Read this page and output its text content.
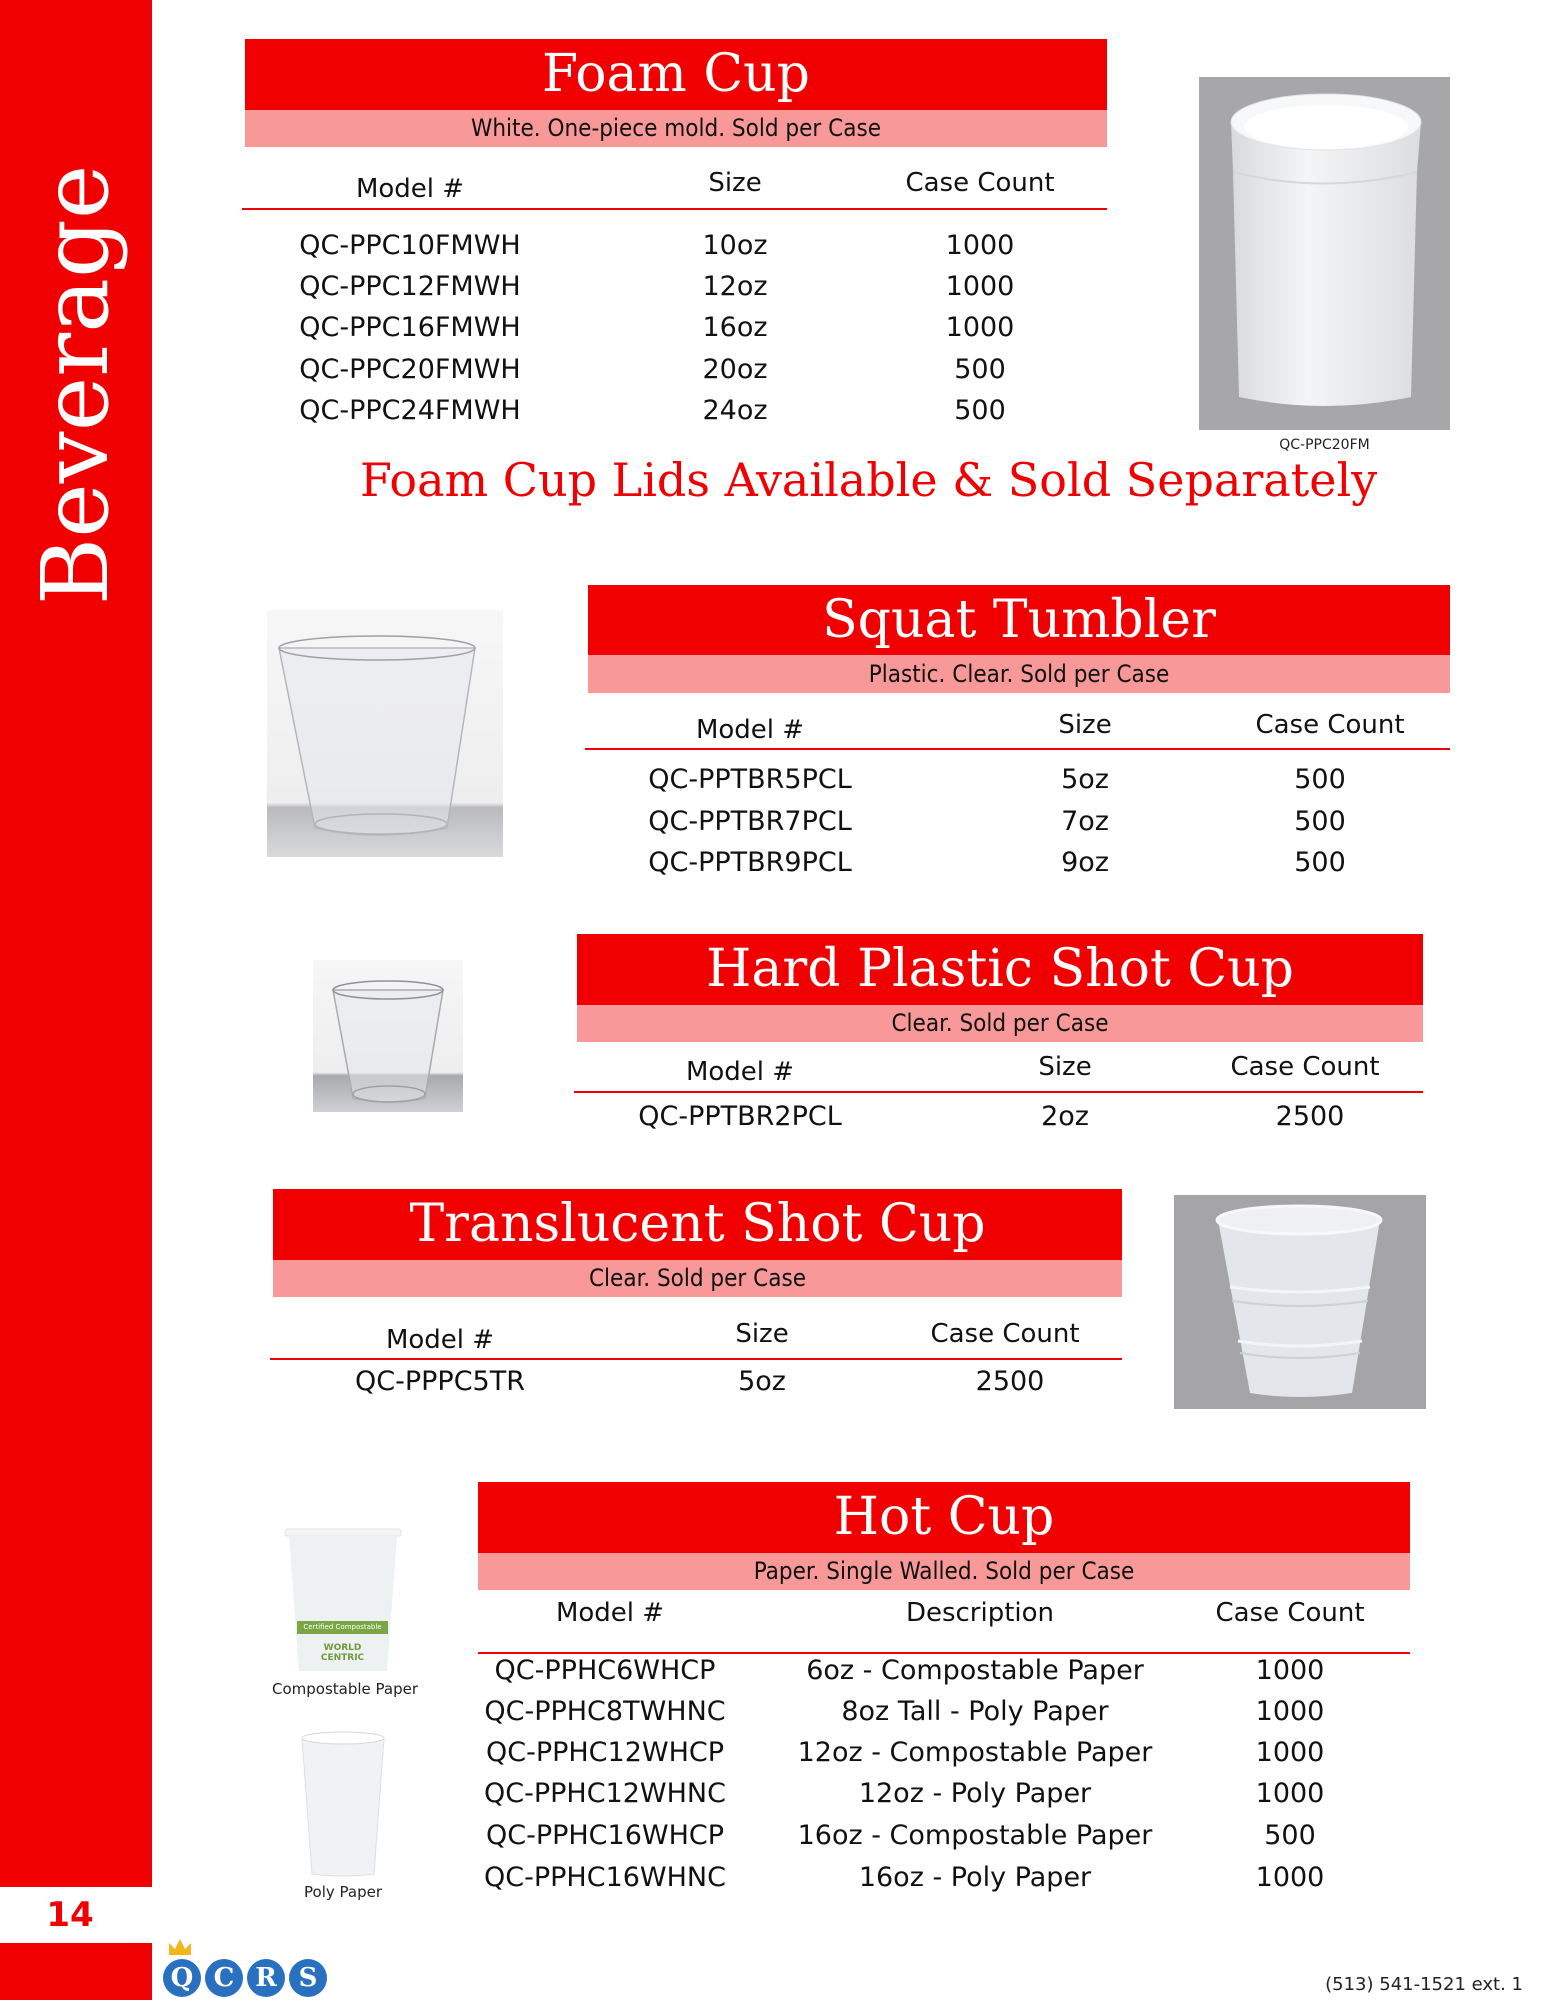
Beverage
14
Foam Cup
White. One-piece mold. Sold per Case
Model #	Size	Case Count
QC-PPC10FMWH	10oz	1000
QC-PPC12FMWH	12oz	1000
QC-PPC16FMWH	16oz	1000
QC-PPC20FMWH	20oz	500
QC-PPC24FMWH	24oz	500
QC-PPC20FM
Foam Cup Lids Available & Sold Separately
Squat Tumbler
Plastic. Clear. Sold per Case
Model #	Size	Case Count
QC-PPTBR5PCL	5oz	500
QC-PPTBR7PCL	7oz	500
QC-PPTBR9PCL	9oz	500
Hard Plastic Shot Cup
Clear. Sold per Case
Model #	Size	Case Count
QC-PPTBR2PCL	2oz	2500
Translucent Shot Cup
Clear. Sold per Case
Model #	Size	Case Count
QC-PPPC5TR	5oz	2500
Certified Compostable
WORLD
CENTRIC
Compostable Paper
Poly Paper
Hot Cup
Paper. Single Walled. Sold per Case
Model #	Description	Case Count
QC-PPHC6WHCP	6oz - Compostable Paper	1000
QC-PPHC8TWHNC	8oz Tall - Poly Paper	1000
QC-PPHC12WHCP	12oz - Compostable Paper	1000
QC-PPHC12WHNC	12oz - Poly Paper	1000
QC-PPHC16WHCP	16oz - Compostable Paper	500
QC-PPHC16WHNC	16oz - Poly Paper	1000
Q C R S	(513) 541-1521 ext. 1
